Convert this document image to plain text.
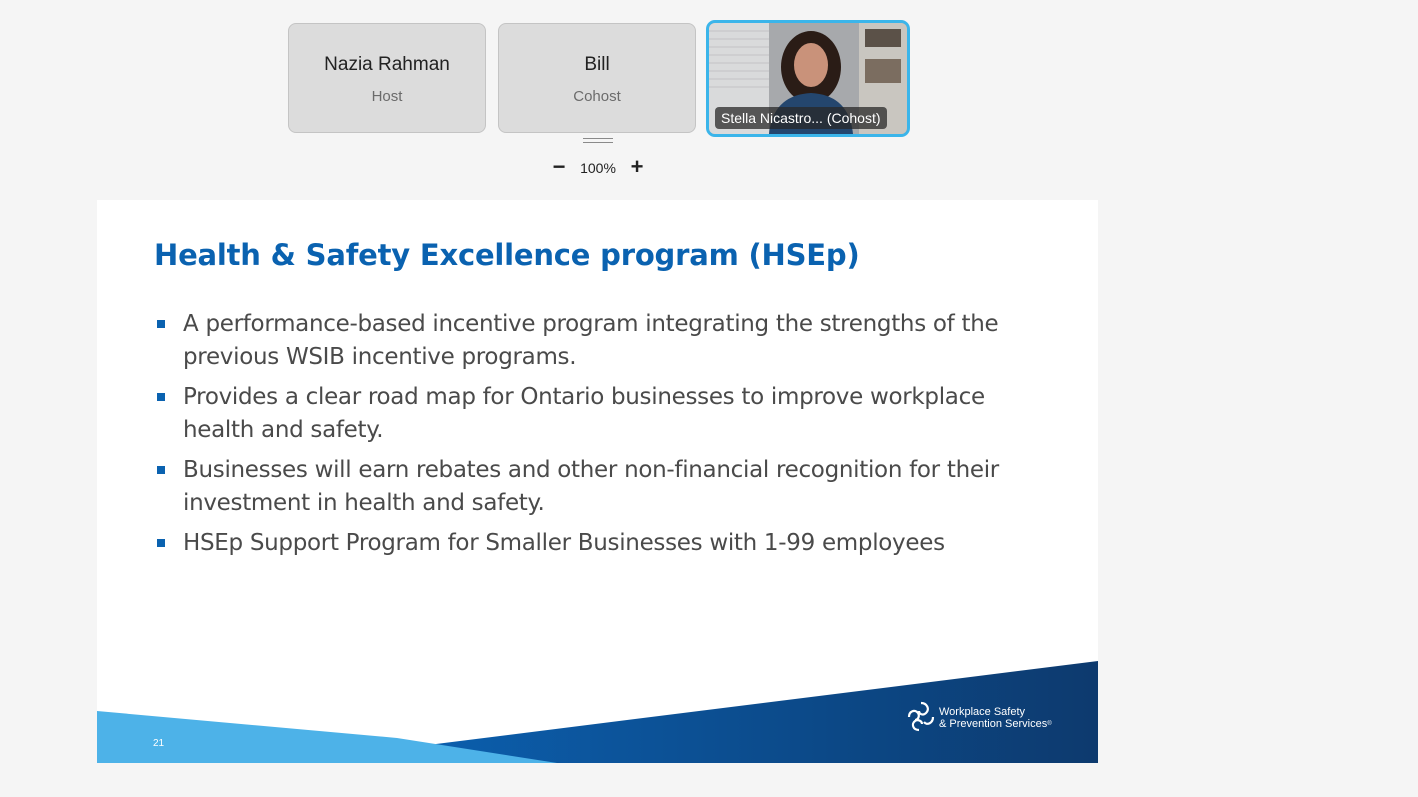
Nazia Rahman
Host
Bill
Cohost
Stella Nicastro... (Cohost)
−	100% +
Health & Safety Excellence program (HSEp)
A performance-based incentive program integrating the strengths of the previous WSIB incentive programs.
Provides a clear road map for Ontario businesses to improve workplace health and safety.
Businesses will earn rebates and other non-financial recognition for their investment in health and safety.
HSEp Support Program for Smaller Businesses with 1-99 employees
21
Workplace Safety
& Prevention Services®
